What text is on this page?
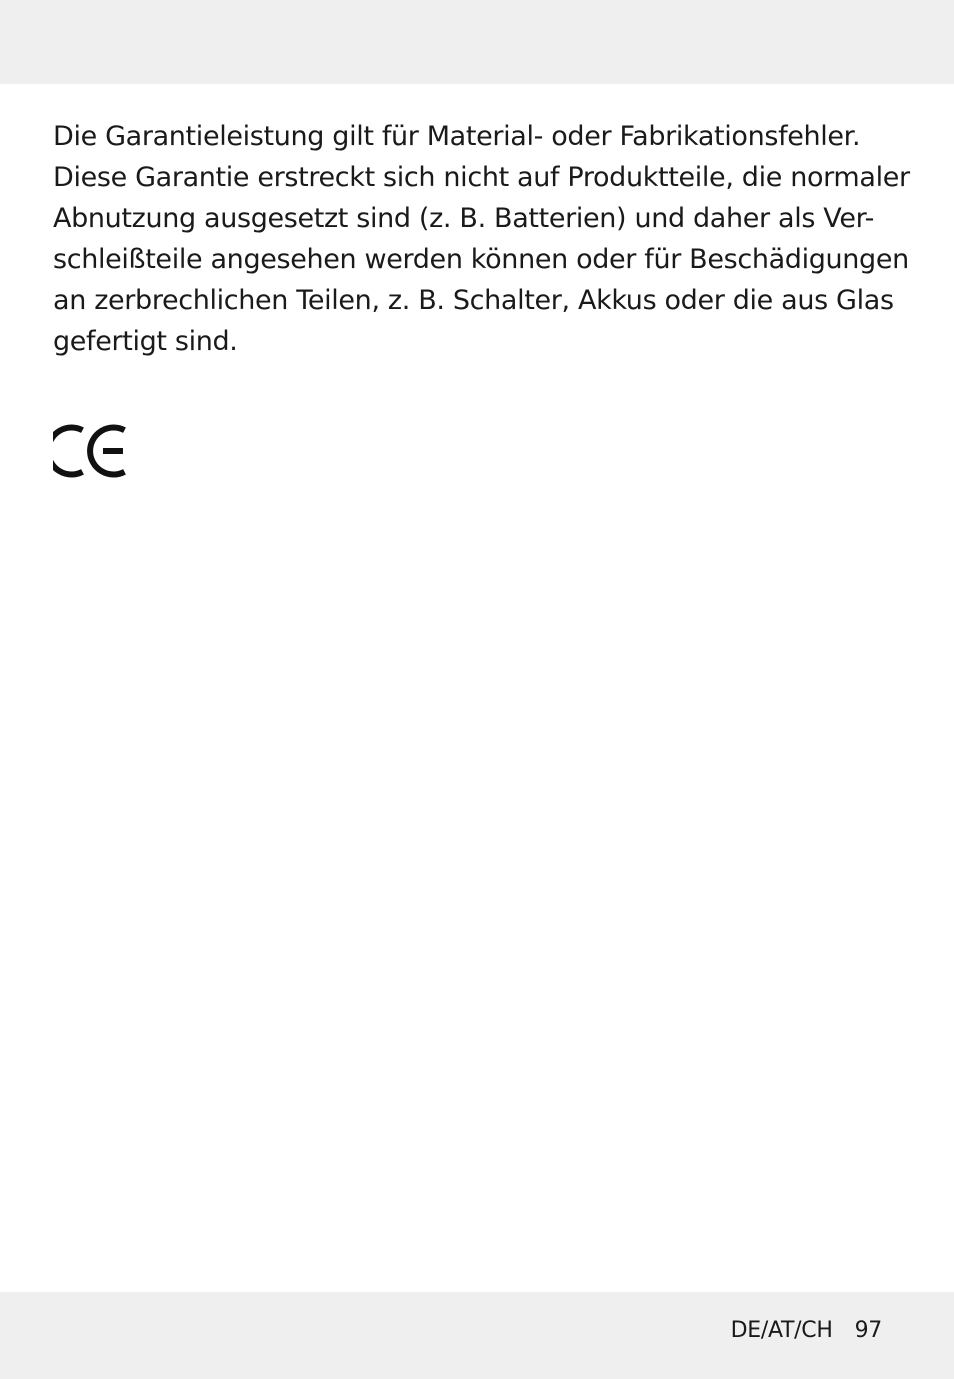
Die Garantieleistung gilt für Material- oder Fabrikationsfehler.
Diese Garantie erstreckt sich nicht auf Produktteile, die normaler
Abnutzung ausgesetzt sind (z. B. Batterien) und daher als Ver-
schleißteile angesehen werden können oder für Beschädigungen
an zerbrechlichen Teilen, z. B. Schalter, Akkus oder die aus Glas
gefertigt sind.

DE/AT/CH 97
